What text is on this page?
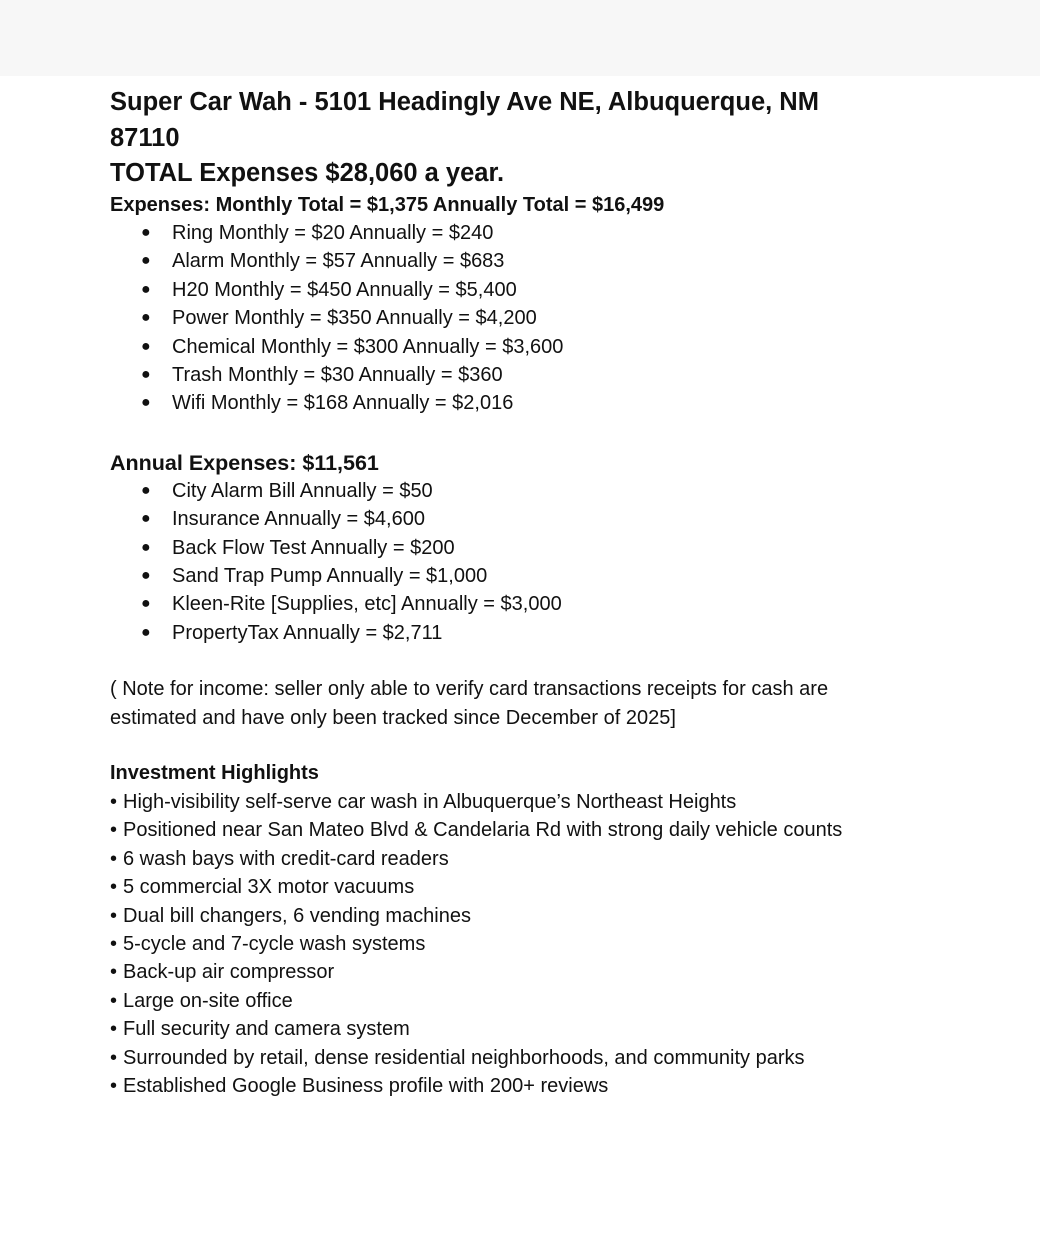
Super Car Wah - 5101 Headingly Ave NE, Albuquerque, NM

87110

TOTAL Expenses $28,060 a year.

Expenses: Monthly Total = $1,375 Annually Total = $16,499

● Ring Monthly = $20 Annually = $240
● Alarm Monthly = $57 Annually = $683
● H20 Monthly = $450 Annually = $5,400
● Power Monthly = $350 Annually = $4,200
● Chemical Monthly = $300 Annually = $3,600
● Trash Monthly = $30 Annually = $360
● Wifi Monthly = $168 Annually = $2,016

Annual Expenses: $11,561

● City Alarm Bill Annually = $50
● Insurance Annually = $4,600
● Back Flow Test Annually = $200
● Sand Trap Pump Annually = $1,000
● Kleen-Rite [Supplies, etc] Annually = $3,000
● PropertyTax Annually = $2,711
( Note for income: seller only able to verify card transactions receipts for cash are
estimated and have only been tracked since December of 2025]
Investment Highlights
• High-visibility self-serve car wash in Albuquerque’s Northeast Heights
• Positioned near San Mateo Blvd & Candelaria Rd with strong daily vehicle counts
• 6 wash bays with credit-card readers
• 5 commercial 3X motor vacuums
• Dual bill changers, 6 vending machines
• 5-cycle and 7-cycle wash systems
• Back-up air compressor
• Large on-site office
• Full security and camera system
• Surrounded by retail, dense residential neighborhoods, and community parks
• Established Google Business profile with 200+ reviews
